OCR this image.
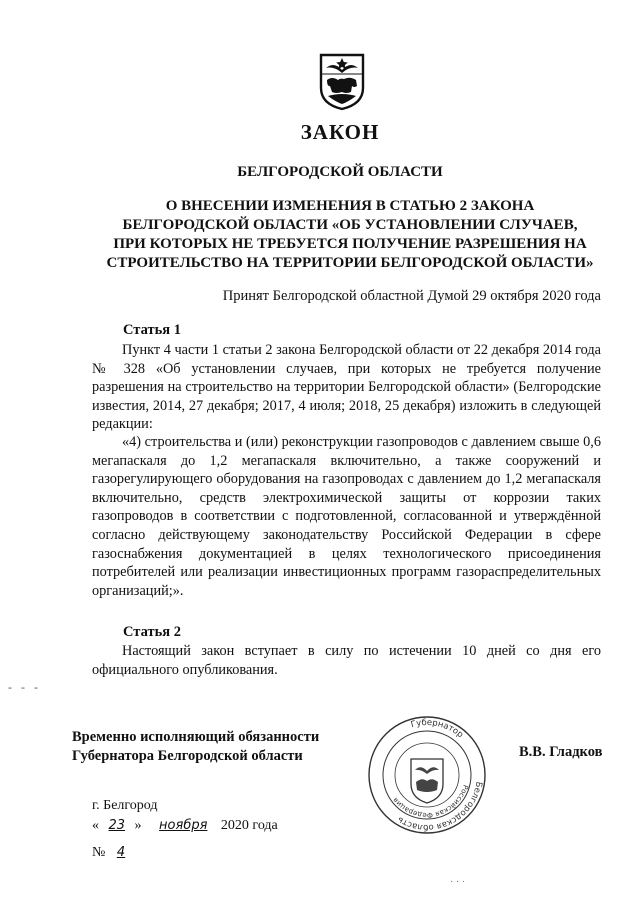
ЗАКОН
БЕЛГОРОДСКОЙ ОБЛАСТИ
О ВНЕСЕНИИ ИЗМЕНЕНИЯ В СТАТЬЮ 2 ЗАКОНА
БЕЛГОРОДСКОЙ ОБЛАСТИ «ОБ УСТАНОВЛЕНИИ СЛУЧАЕВ,
ПРИ КОТОРЫХ НЕ ТРЕБУЕТСЯ ПОЛУЧЕНИЕ РАЗРЕШЕНИЯ НА
СТРОИТЕЛЬСТВО НА ТЕРРИТОРИИ БЕЛГОРОДСКОЙ ОБЛАСТИ»
Принят Белгородской областной Думой 29 октября 2020 года
Статья 1
Пункт 4 части 1 статьи 2 закона Белгородской области от 22 декабря 2014 года № 328 «Об установлении случаев, при которых не требуется получение разрешения на строительство на территории Белгородской области» (Белгородские известия, 2014, 27 декабря; 2017, 4 июля; 2018, 25 декабря) изложить в следующей редакции:
«4) строительства и (или) реконструкции газопроводов с давлением свыше 0,6 мегапаскаля до 1,2 мегапаскаля включительно, а также сооружений и газорегулирующего оборудования на газопроводах с давлением до 1,2 мегапаскаля включительно, средств электрохимической защиты от коррозии таких газопроводов в соответствии с подготовленной, согласованной и утверждённой согласно действующему законодательству Российской Федерации в сфере газоснабжения документацией в целях технологического присоединения потребителей или реализации инвестиционных программ газораспределительных организаций;».
Статья 2
Настоящий закон вступает в силу по истечении 10 дней со дня его официального опубликования.
- - -
Временно исполняющий обязанности
Губернатора Белгородской области
Белгородская область
Губернатор
Российская Федерация
В.В. Гладков
г. Белгород
« 23 » ноября 2020 года
№ 4
˙ ˙ ˙
